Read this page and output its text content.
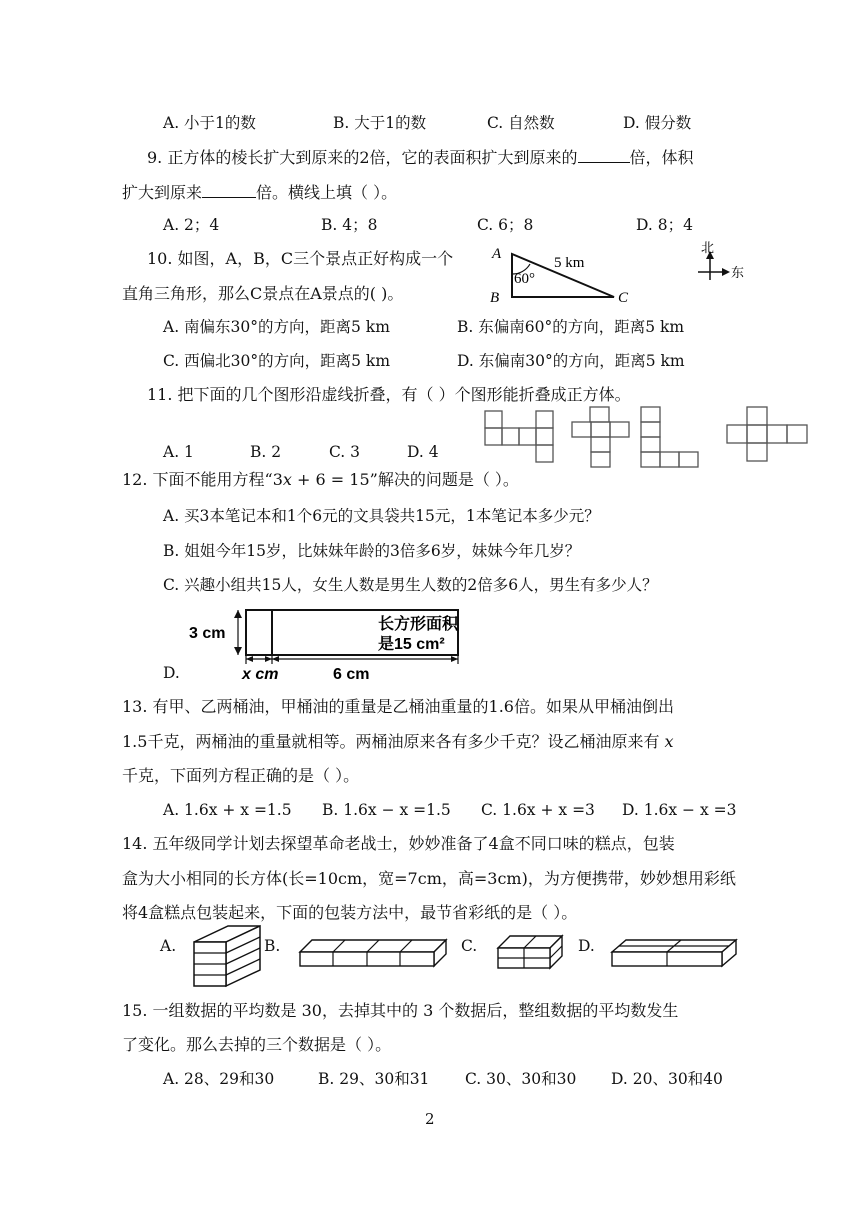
A. 小于1的数	B. 大于1的数	C. 自然数	D. 假分数
9. 正方体的棱长扩大到原来的2倍，它的表面积扩大到原来的	倍，体积
扩大到原来	倍。横线上填（ ）。
A. 2；4	B. 4；8	C. 6；8	D. 8；4
10. 如图，A，B，C三个景点正好构成一个
直角三角形，那么C景点在A景点的( )。
A
B	C
5 km
60°
北
东
A. 南偏东30°的方向，距离5 km	B. 东偏南60°的方向，距离5 km
C. 西偏北30°的方向，距离5 km	D. 东偏南30°的方向，距离5 km
11. 把下面的几个图形沿虚线折叠，有（ ）个图形能折叠成正方体。
A. 1	B. 2	C. 3	D. 4
12. 下面不能用方程“3x + 6 = 15”解决的问题是（ ）。
A. 买3本笔记本和1个6元的文具袋共15元，1本笔记本多少元？
B. 姐姐今年15岁，比妹妹年龄的3倍多6岁，妹妹今年几岁？
C. 兴趣小组共15人，女生人数是男生人数的2倍多6人，男生有多少人？
D.
3 cm
x cm	6 cm
长方形面积
是15 cm²
13. 有甲、乙两桶油，甲桶油的重量是乙桶油重量的1.6倍。如果从甲桶油倒出
1.5千克，两桶油的重量就相等。两桶油原来各有多少千克？设乙桶油原来有 x
千克，下面列方程正确的是（ ）。
A. 1.6x + x =1.5 B. 1.6x − x =1.5 C. 1.6x + x =3 D. 1.6x − x =3
14. 五年级同学计划去探望革命老战士，妙妙准备了4盒不同口味的糕点，包装
盒为大小相同的长方体(长=10cm，宽=7cm，高=3cm)，为方便携带，妙妙想用彩纸
将4盒糕点包装起来，下面的包装方法中，最节省彩纸的是（ ）。
A.	B.	C.	D.
15. 一组数据的平均数是 30，去掉其中的 3 个数据后，整组数据的平均数发生
了变化。那么去掉的三个数据是（ ）。
A. 28、29和30	B. 29、30和31 C. 30、30和30 D. 20、30和40
2
